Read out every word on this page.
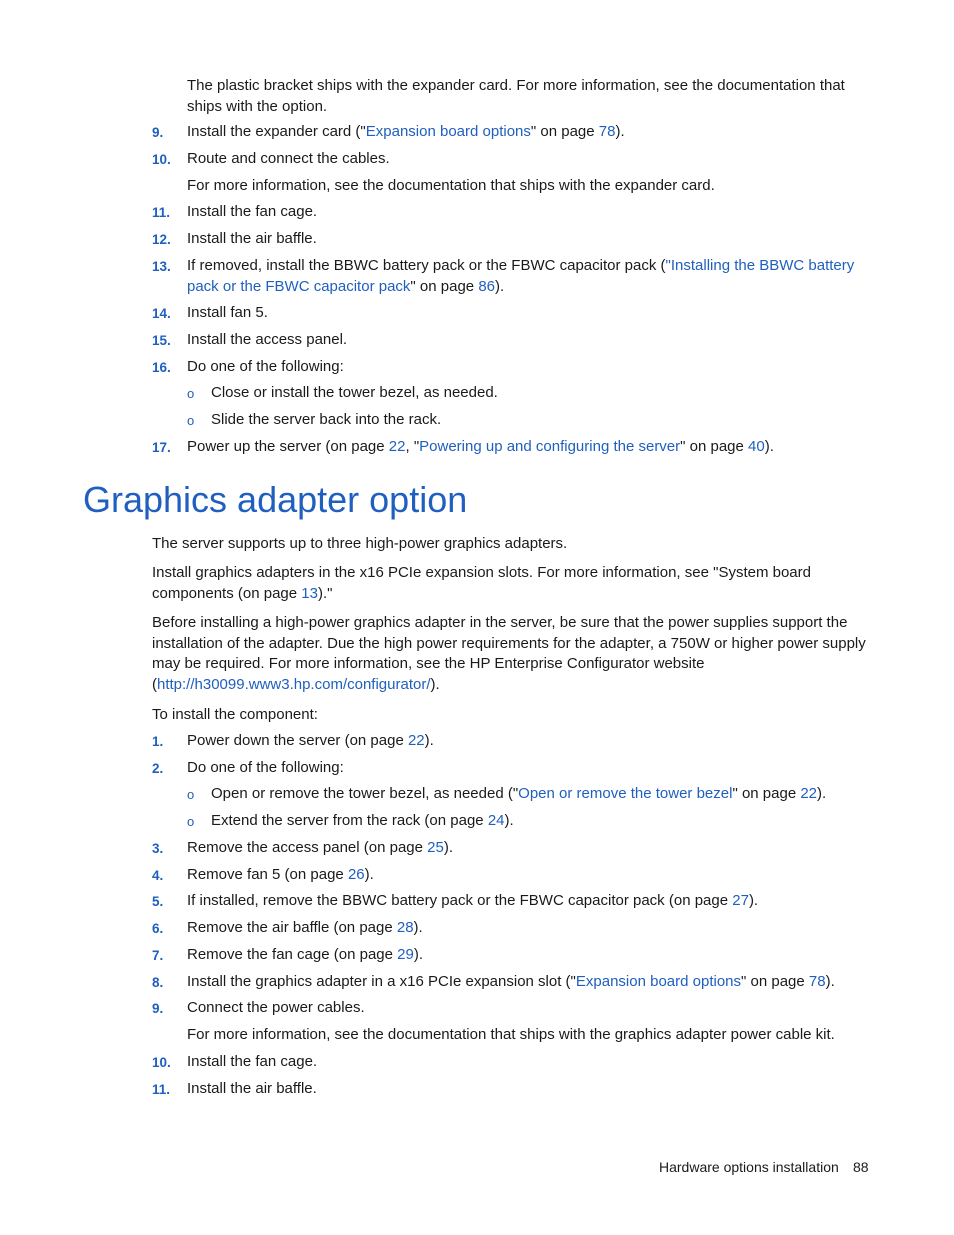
The plastic bracket ships with the expander card. For more information, see the documentation that ships with the option.
9. Install the expander card ("Expansion board options" on page 78).
10. Route and connect the cables.
For more information, see the documentation that ships with the expander card.
11. Install the fan cage.
12. Install the air baffle.
13. If removed, install the BBWC battery pack or the FBWC capacitor pack ("Installing the BBWC battery pack or the FBWC capacitor pack" on page 86).
14. Install fan 5.
15. Install the access panel.
16. Do one of the following:
o Close or install the tower bezel, as needed.
o Slide the server back into the rack.
17. Power up the server (on page 22, "Powering up and configuring the server" on page 40).
Graphics adapter option
The server supports up to three high-power graphics adapters.
Install graphics adapters in the x16 PCIe expansion slots. For more information, see "System board components (on page 13)."
Before installing a high-power graphics adapter in the server, be sure that the power supplies support the installation of the adapter. Due the high power requirements for the adapter, a 750W or higher power supply may be required. For more information, see the HP Enterprise Configurator website (http://h30099.www3.hp.com/configurator/).
To install the component:
1. Power down the server (on page 22).
2. Do one of the following:
o Open or remove the tower bezel, as needed ("Open or remove the tower bezel" on page 22).
o Extend the server from the rack (on page 24).
3. Remove the access panel (on page 25).
4. Remove fan 5 (on page 26).
5. If installed, remove the BBWC battery pack or the FBWC capacitor pack (on page 27).
6. Remove the air baffle (on page 28).
7. Remove the fan cage (on page 29).
8. Install the graphics adapter in a x16 PCIe expansion slot ("Expansion board options" on page 78).
9. Connect the power cables.
For more information, see the documentation that ships with the graphics adapter power cable kit.
10. Install the fan cage.
11. Install the air baffle.
Hardware options installation 88
